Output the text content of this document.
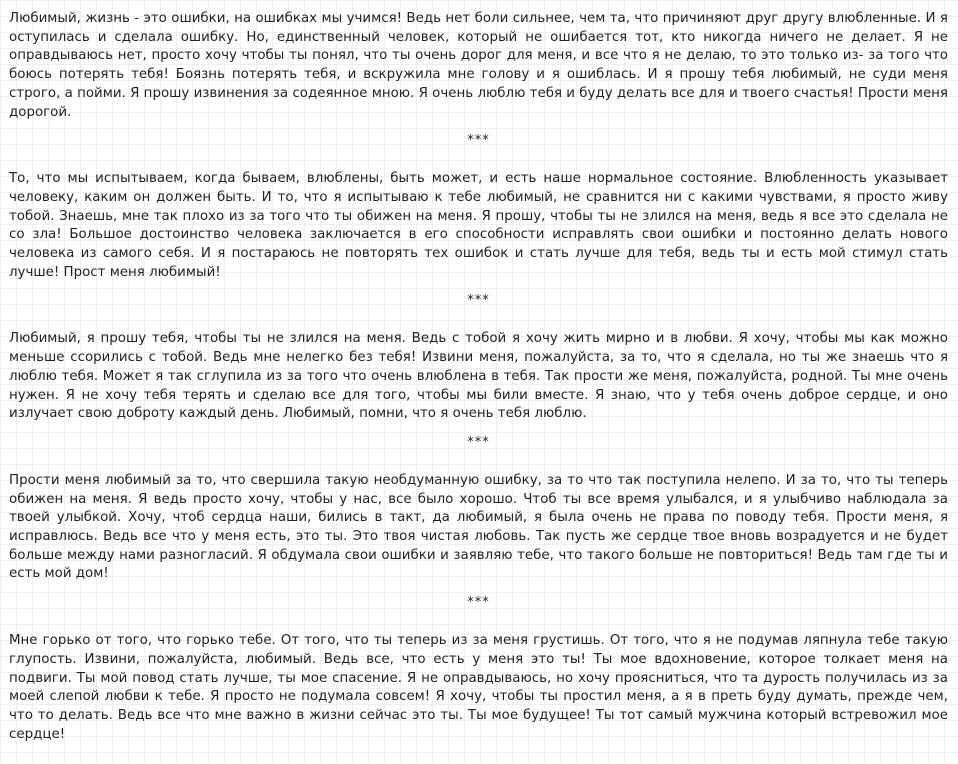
Любимый, жизнь - это ошибки, на ошибках мы учимся! Ведь нет боли сильнее, чем та, что причиняют друг другу влюбленные. И я оступилась и сделала ошибку. Но, единственный человек, который не ошибается тот, кто никогда ничего не делает. Я не оправдываюсь нет, просто хочу чтобы ты понял, что ты очень дорог для меня, и все что я не делаю, то это только из- за того что боюсь потерять тебя! Боязнь потерять тебя, и вскружила мне голову и я ошиблась. И я прошу тебя любимый, не суди меня строго, а пойми. Я прошу извинения за содеянное мною. Я очень люблю тебя и буду делать все для и твоего счастья! Прости меня дорогой.

***

То, что мы испытываем, когда бываем, влюблены, быть может, и есть наше нормальное состояние. Влюбленность указывает человеку, каким он должен быть. И то, что я испытываю к тебе любимый, не сравнится ни с какими чувствами, я просто живу тобой. Знаешь, мне так плохо из за того что ты обижен на меня. Я прошу, чтобы ты не злился на меня, ведь я все это сделала не со зла! Большое достоинство человека заключается в его способности исправлять свои ошибки и постоянно делать нового человека из самого себя. И я постараюсь не повторять тех ошибок и стать лучше для тебя, ведь ты и есть мой стимул стать лучше! Прост меня любимый!

***

Любимый, я прошу тебя, чтобы ты не злился на меня. Ведь с тобой я хочу жить мирно и в любви. Я хочу, чтобы мы как можно меньше ссорились с тобой. Ведь мне нелегко без тебя! Извини меня, пожалуйста, за то, что я сделала, но ты же знаешь что я люблю тебя. Может я так сглупила из за того что очень влюблена в тебя. Так прости же меня, пожалуйста, родной. Ты мне очень нужен. Я не хочу тебя терять и сделаю все для того, чтобы мы били вместе. Я знаю, что у тебя очень доброе сердце, и оно излучает свою доброту каждый день. Любимый, помни, что я очень тебя люблю.

***

Прости меня любимый за то, что свершила такую необдуманную ошибку, за то что так поступила нелепо. И за то, что ты теперь обижен на меня. Я ведь просто хочу, чтобы у нас, все было хорошо. Чтоб ты все время улыбался, и я улыбчиво наблюдала за твоей улыбкой. Хочу, чтоб сердца наши, бились в такт, да любимый, я была очень не права по поводу тебя. Прости меня, я исправлюсь. Ведь все что у меня есть, это ты. Это твоя чистая любовь. Так пусть же сердце твое вновь возрадуется и не будет больше между нами разногласий. Я обдумала свои ошибки и заявляю тебе, что такого больше не повториться! Ведь там где ты и есть мой дом!

***

Мне горько от того, что горько тебе. От того, что ты теперь из за меня грустишь. От того, что я не подумав ляпнула тебе такую глупость. Извини, пожалуйста, любимый. Ведь все, что есть у меня это ты! Ты мое вдохновение, которое толкает меня на подвиги. Ты мой повод стать лучше, ты мое спасение. Я не оправдываюсь, но хочу проясниться, что та дурость получилась из за моей слепой любви к тебе. Я просто не подумала совсем! Я хочу, чтобы ты простил меня, а я в преть буду думать, прежде чем, что то делать. Ведь все что мне важно в жизни сейчас это ты. Ты мое будущее! Ты тот самый мужчина который встревожил мое сердце!
